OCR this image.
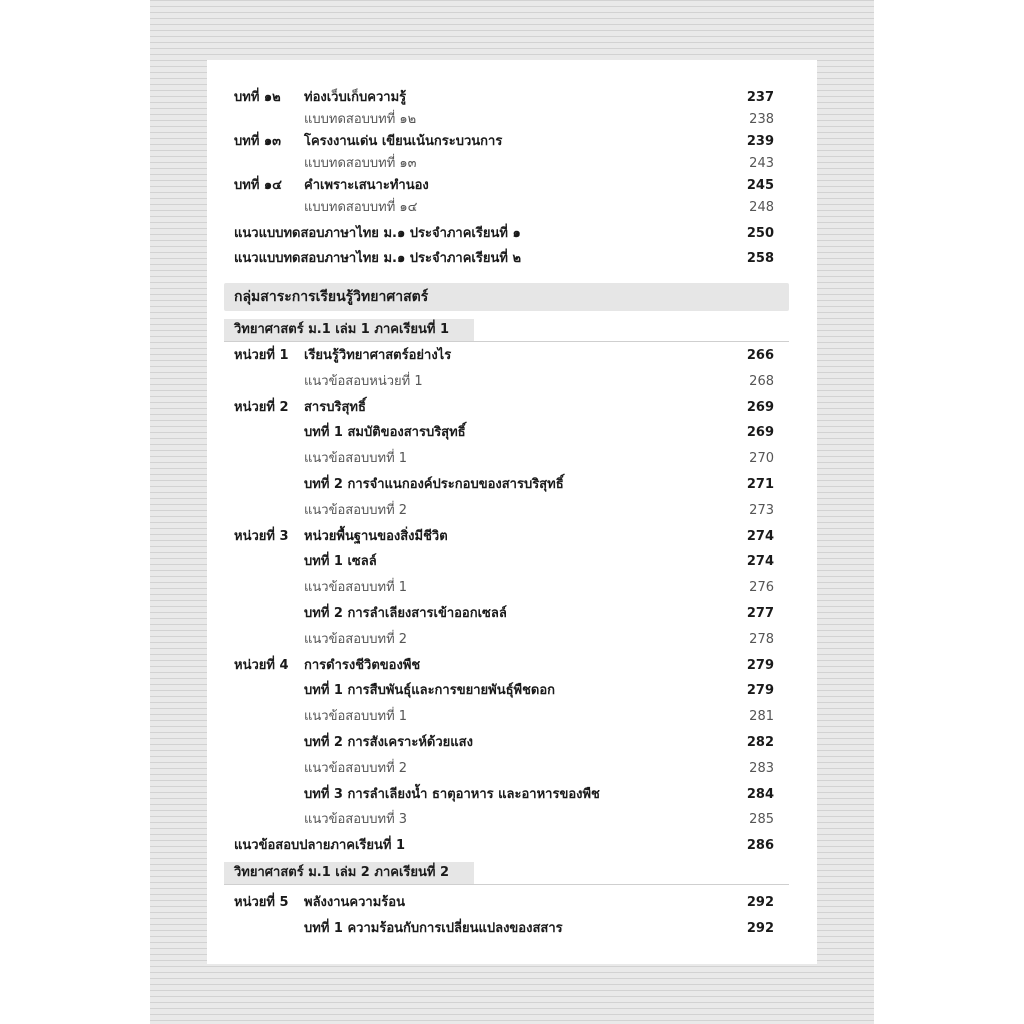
กลุ่มสาระการเรียนรู้วิทยาศาสตร์
วิทยาศาสตร์ ม.1 เล่ม 1 ภาคเรียนที่ 1
วิทยาศาสตร์ ม.1 เล่ม 2 ภาคเรียนที่ 2
บทที่ ๑๒ ท่องเว็บเก็บความรู้	237
แบบทดสอบบทที่ ๑๒	238
บทที่ ๑๓ โครงงานเด่น เขียนเน้นกระบวนการ	239
แบบทดสอบบทที่ ๑๓	243
บทที่ ๑๔ คำเพราะเสนาะทำนอง	245
แบบทดสอบบทที่ ๑๔	248
แนวแบบทดสอบภาษาไทย ม.๑ ประจำภาคเรียนที่ ๑	250
แนวแบบทดสอบภาษาไทย ม.๑ ประจำภาคเรียนที่ ๒	258
หน่วยที่ 1 เรียนรู้วิทยาศาสตร์อย่างไร	266
แนวข้อสอบหน่วยที่ 1	268
หน่วยที่ 2 สารบริสุทธิ์	269
บทที่ 1 สมบัติของสารบริสุทธิ์	269
แนวข้อสอบบทที่ 1	270
บทที่ 2 การจำแนกองค์ประกอบของสารบริสุทธิ์	271
แนวข้อสอบบทที่ 2	273
หน่วยที่ 3 หน่วยพื้นฐานของสิ่งมีชีวิต	274
บทที่ 1 เซลล์	274
แนวข้อสอบบทที่ 1	276
บทที่ 2 การลำเลียงสารเข้าออกเซลล์	277
แนวข้อสอบบทที่ 2	278
หน่วยที่ 4 การดำรงชีวิตของพืช	279
บทที่ 1 การสืบพันธุ์และการขยายพันธุ์พืชดอก	279
แนวข้อสอบบทที่ 1	281
บทที่ 2 การสังเคราะห์ด้วยแสง	282
แนวข้อสอบบทที่ 2	283
บทที่ 3 การลำเลียงน้ำ ธาตุอาหาร และอาหารของพืช	284
แนวข้อสอบบทที่ 3	285
แนวข้อสอบปลายภาคเรียนที่ 1	286
หน่วยที่ 5 พลังงานความร้อน	292
บทที่ 1 ความร้อนกับการเปลี่ยนแปลงของสสาร	292
